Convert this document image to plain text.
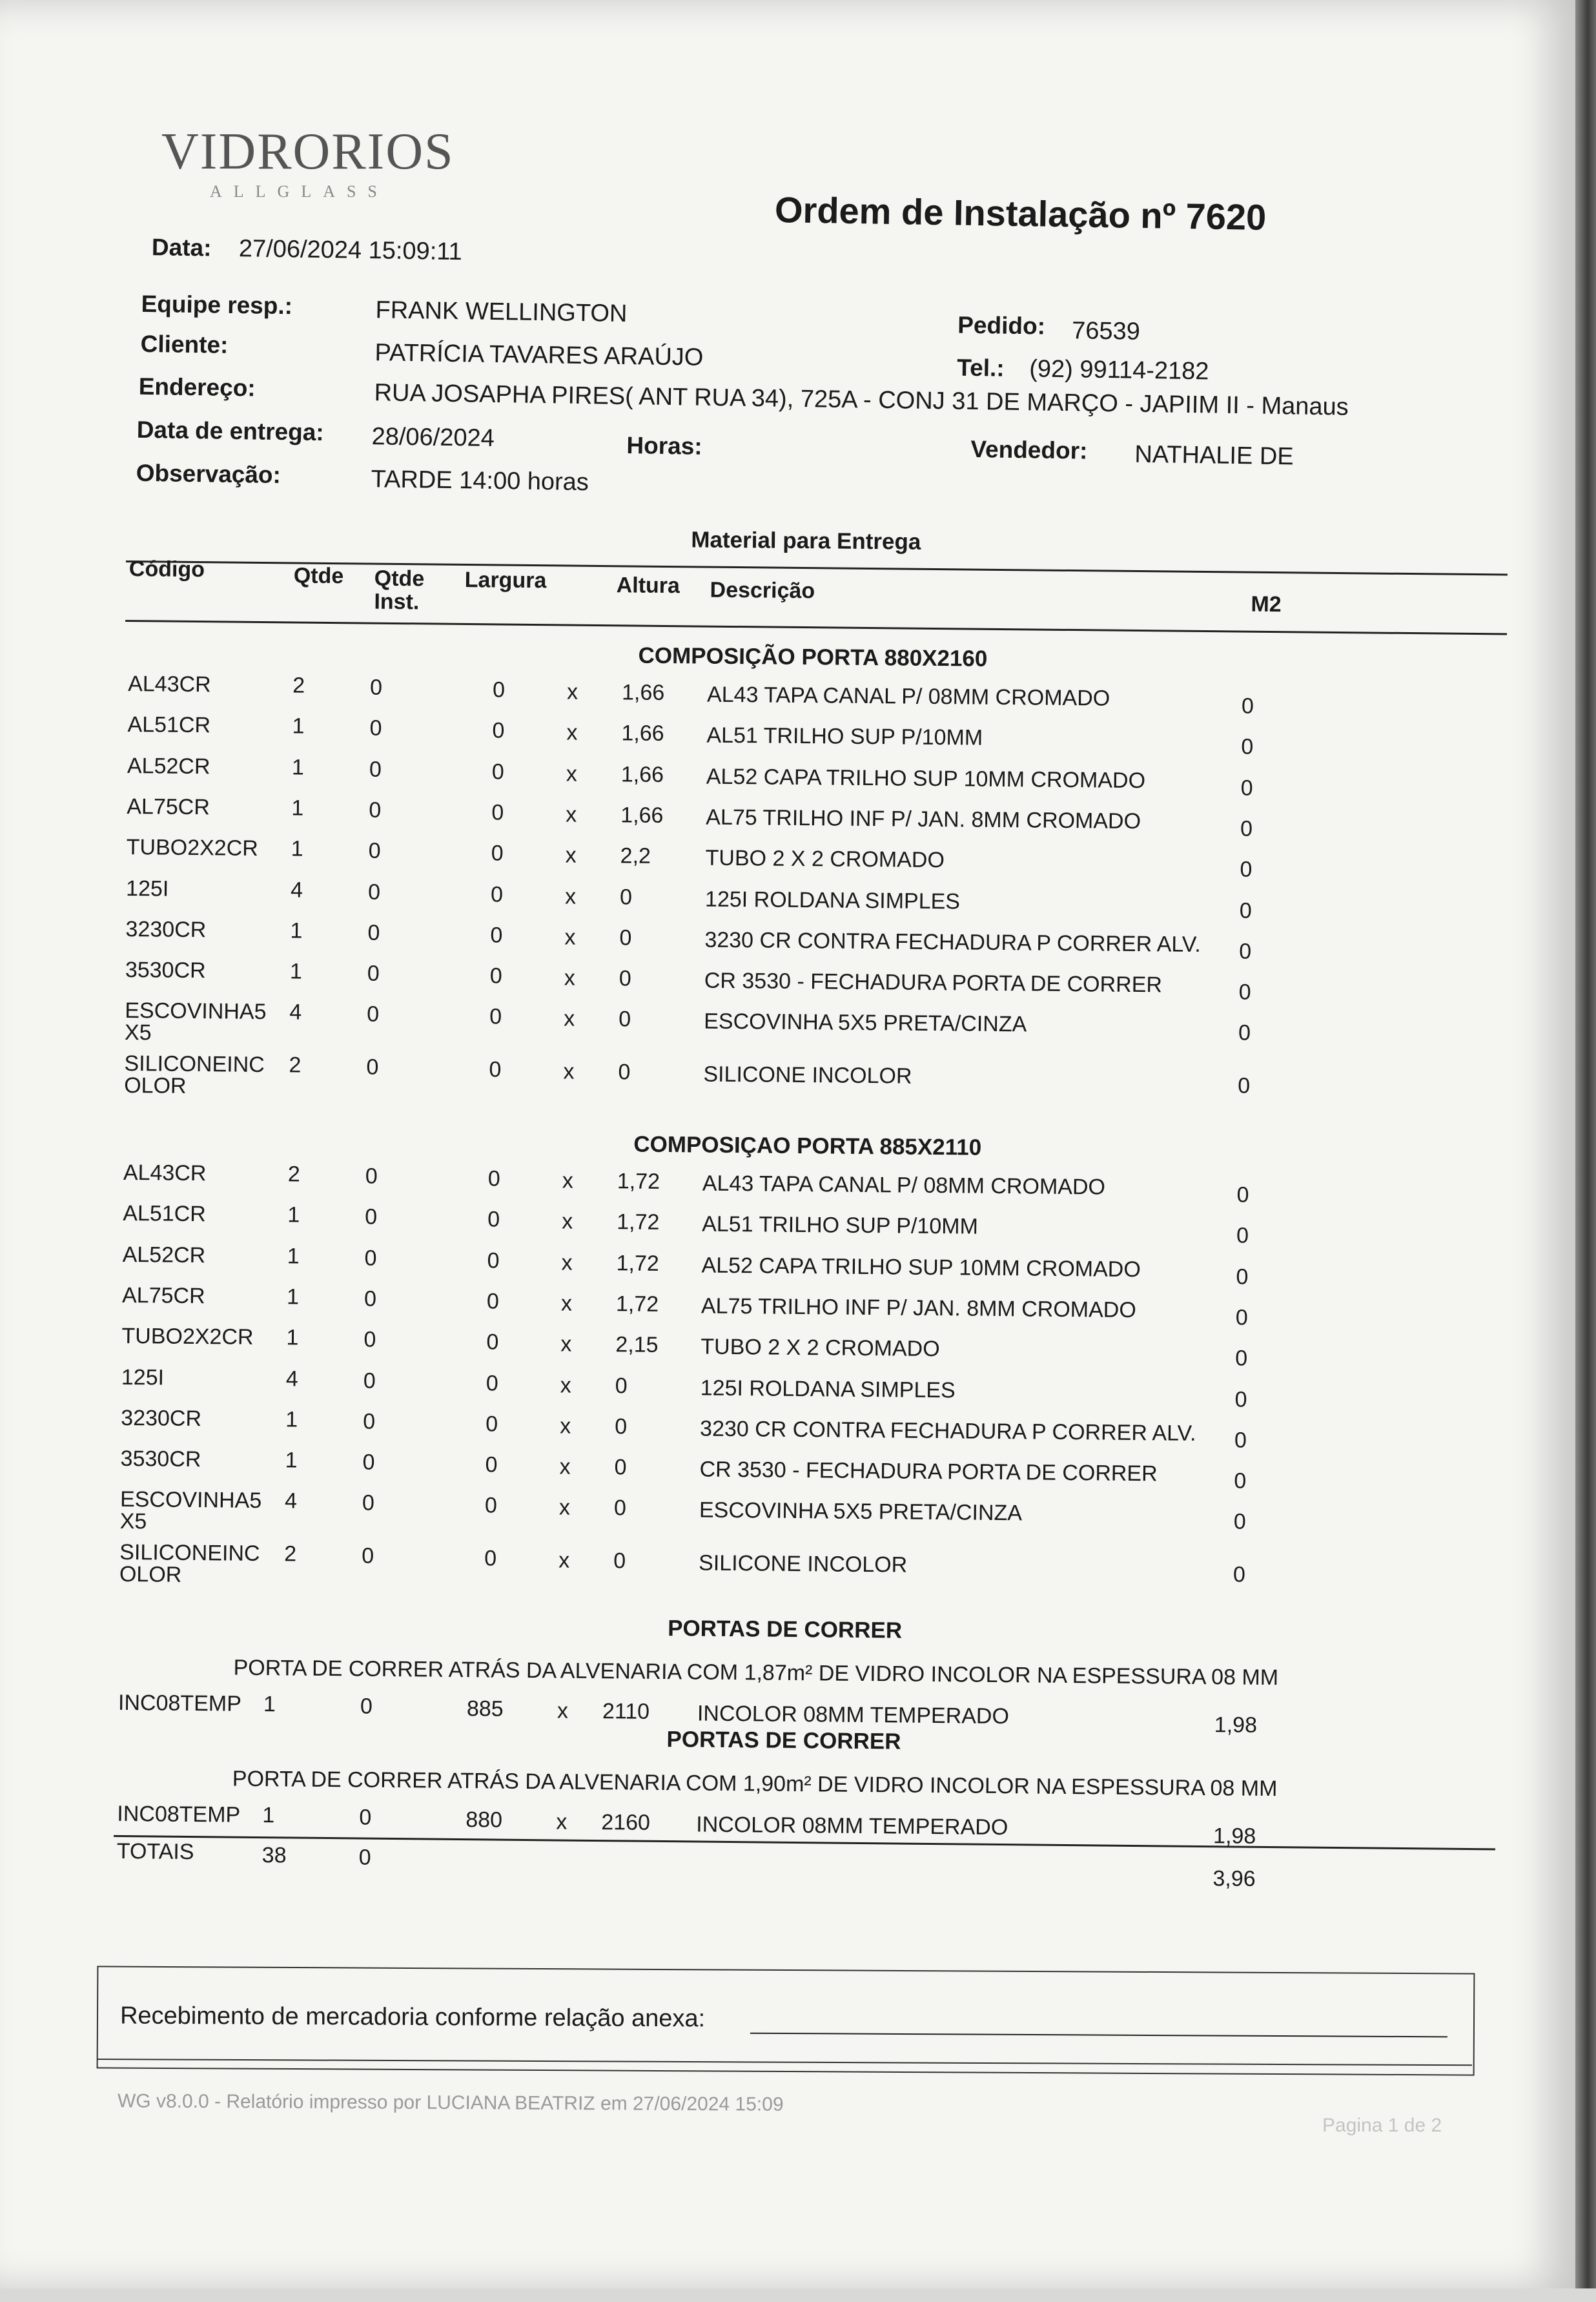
VIDRORIOS
ALLGLASS	Ordem de Instalação nº 7620
Data: 27/06/2024 15:09:11
Equipe resp.:	FRANK WELLINGTON
Cliente:	PATRÍCIA TAVARES ARAÚJO
Endereço:	RUA JOSAPHA PIRES( ANT RUA 34), 725A - CONJ 31 DE MARÇO - JAPIIM II - Manaus
Data de entrega: 28/06/2024	Horas:
Observação:	TARDE 14:00 horas
Pedido: 76539
Tel.: (92) 99114-2182
Vendedor: NATHALIE DE
Material para Entrega
Código	Qtde Qtde Inst.
Largura	Altura Descrição
M2
COMPOSIÇÃO PORTA 880X2160
AL43CR	2	0	0	x 1,66 AL43 TAPA CANAL P/ 08MM CROMADO	0
AL51CR	1	0	0	x 1,66 AL51 TRILHO SUP P/10MM	0
AL52CR	1	0	0	x 1,66 AL52 CAPA TRILHO SUP 10MM CROMADO	0
AL75CR	1	0	0	x 1,66 AL75 TRILHO INF P/ JAN. 8MM CROMADO	0
TUBO2X2CR 1	0	0	x 2,2 TUBO 2 X 2 CROMADO	0
125I	4	0	0	x 0	125I ROLDANA SIMPLES	0
3230CR	1	0	0	x 0	3230 CR CONTRA FECHADURA P CORRER ALV. 0
3530CR	1	0	0	x 0	CR 3530 - FECHADURA PORTA DE CORRER	0
ESCOVINHA5
X5
4	0	0	x 0	ESCOVINHA 5X5 PRETA/CINZA	0
SILICONEINC
OLOR
2	0	0	x 0	SILICONE INCOLOR	0
COMPOSIÇAO PORTA 885X2110
AL43CR	2	0	0	x 1,72 AL43 TAPA CANAL P/ 08MM CROMADO	0
AL51CR	1	0	0	x 1,72 AL51 TRILHO SUP P/10MM	0
AL52CR	1	0	0	x 1,72 AL52 CAPA TRILHO SUP 10MM CROMADO	0
AL75CR	1	0	0	x 1,72 AL75 TRILHO INF P/ JAN. 8MM CROMADO	0
TUBO2X2CR 1	0	0	x 2,15 TUBO 2 X 2 CROMADO	0
125I	4	0	0	x 0	125I ROLDANA SIMPLES	0
3230CR	1	0	0	x 0	3230 CR CONTRA FECHADURA P CORRER ALV. 0
3530CR	1	0	0	x 0	CR 3530 - FECHADURA PORTA DE CORRER	0
ESCOVINHA5
X5
4	0	0	x 0	ESCOVINHA 5X5 PRETA/CINZA	0
SILICONEINC
OLOR
2	0	0	x 0	SILICONE INCOLOR	0
PORTAS DE CORRER
PORTA DE CORRER ATRÁS DA ALVENARIA COM 1,87m² DE VIDRO INCOLOR NA ESPESSURA 08 MM
INC08TEMP 1	0	885 x 2110 INCOLOR 08MM TEMPERADO	1,98
PORTAS DE CORRER
PORTA DE CORRER ATRÁS DA ALVENARIA COM 1,90m² DE VIDRO INCOLOR NA ESPESSURA 08 MM
INC08TEMP 1	0	880 x 2160 INCOLOR 08MM TEMPERADO	1,98
TOTAIS	38	0
3,96
Recebimento de mercadoria conforme relação anexa:
WG v8.0.0 - Relatório impresso por LUCIANA BEATRIZ em 27/06/2024 15:09
Pagina 1 de 2
